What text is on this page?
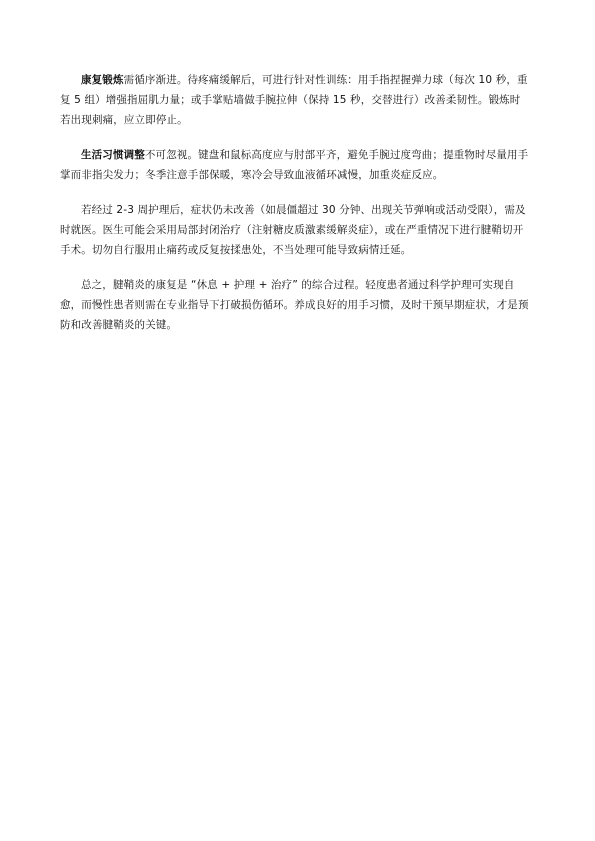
康复锻炼需循序渐进。待疼痛缓解后，可进行针对性训练：用手指捏握弹力球（每次 10 秒，重复 5 组）增强指屈肌力量；或手掌贴墙做手腕拉伸（保持 15 秒，交替进行）改善柔韧性。锻炼时若出现刺痛，应立即停止。

生活习惯调整不可忽视。键盘和鼠标高度应与肘部平齐，避免手腕过度弯曲；提重物时尽量用手掌而非指尖发力；冬季注意手部保暖，寒冷会导致血液循环减慢，加重炎症反应。

若经过 2-3 周护理后，症状仍未改善（如晨僵超过 30 分钟、出现关节弹响或活动受限），需及时就医。医生可能会采用局部封闭治疗（注射糖皮质激素缓解炎症），或在严重情况下进行腱鞘切开手术。切勿自行服用止痛药或反复按揉患处，不当处理可能导致病情迁延。

总之，腱鞘炎的康复是 “休息 + 护理 + 治疗” 的综合过程。轻度患者通过科学护理可实现自愈，而慢性患者则需在专业指导下打破损伤循环。养成良好的用手习惯，及时干预早期症状，才是预防和改善腱鞘炎的关键。
